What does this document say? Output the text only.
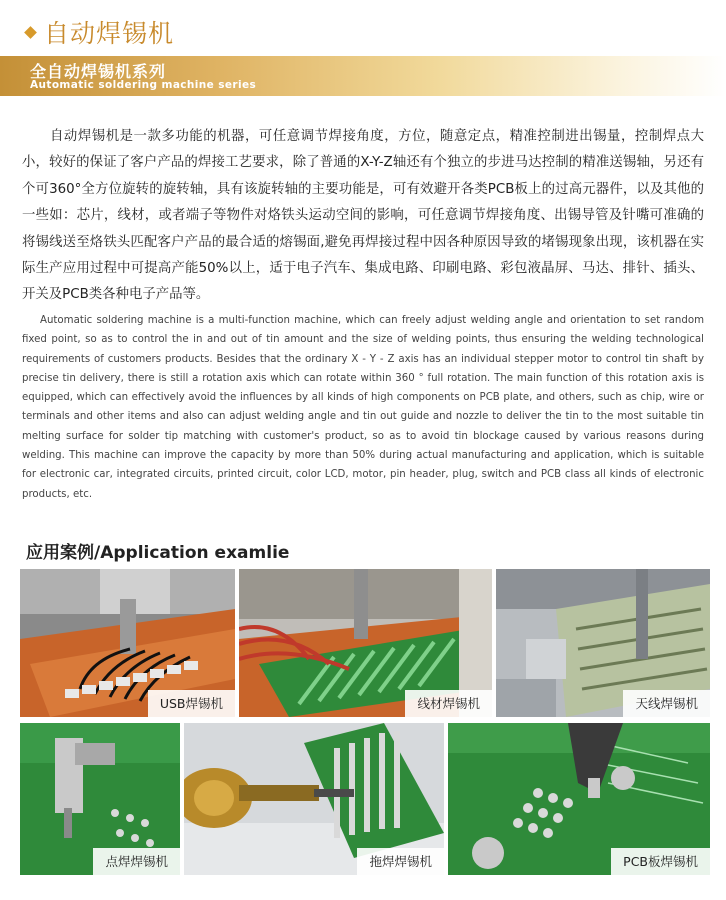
自动焊锡机
全自动焊锡机系列
Automatic soldering machine series

自动焊锡机是一款多功能的机器，可任意调节焊接角度，方位，随意定点，精准控制进出锡量，控制焊点大小，较好的保证了客户产品的焊接工艺要求，除了普通的X-Y-Z轴还有个独立的步进马达控制的精准送锡轴，另还有个可360°全方位旋转的旋转轴，具有该旋转轴的主要功能是，可有效避开各类PCB板上的过高元器件，以及其他的一些如：芯片，线材，或者端子等物件对烙铁头运动空间的影响，可任意调节焊接角度、出锡导管及针嘴可准确的将锡线送至烙铁头匹配客户产品的最合适的熔锡面,避免再焊接过程中因各种原因导致的堵锡现象出现，该机器在实际生产应用过程中可提高产能50%以上，适于电子汽车、集成电路、印刷电路、彩包液晶屏、马达、排针、插头、开关及PCB类各种电子产品等。

Automatic soldering machine is a multi-function machine, which can freely adjust welding angle and orientation to set random fixed point, so as to control the in and out of tin amount and the size of welding points, thus ensuring the welding technological requirements of customers products. Besides that the ordinary X - Y - Z axis has an individual stepper motor to control tin shaft by precise tin delivery, there is still a rotation axis which can rotate within 360 ° full rotation. The main function of this rotation axis is equipped, which can effectively avoid the influences by all kinds of high components on PCB plate, and others, such as chip, wire or terminals and other items and also can adjust welding angle and tin out guide and nozzle to deliver the tin to the most suitable tin melting surface for solder tip matching with customer's product, so as to avoid tin blockage caused by various reasons during welding. This machine can improve the capacity by more than 50% during actual manufacturing and application, which is suitable for electronic car, integrated circuits, printed circuit, color LCD, motor, pin header, plug, switch and PCB class all kinds of electronic products, etc.

应用案例/Application examlie
USB焊锡机	线材焊锡机	天线焊锡机
点焊焊锡机	拖焊焊锡机	PCB板焊锡机
